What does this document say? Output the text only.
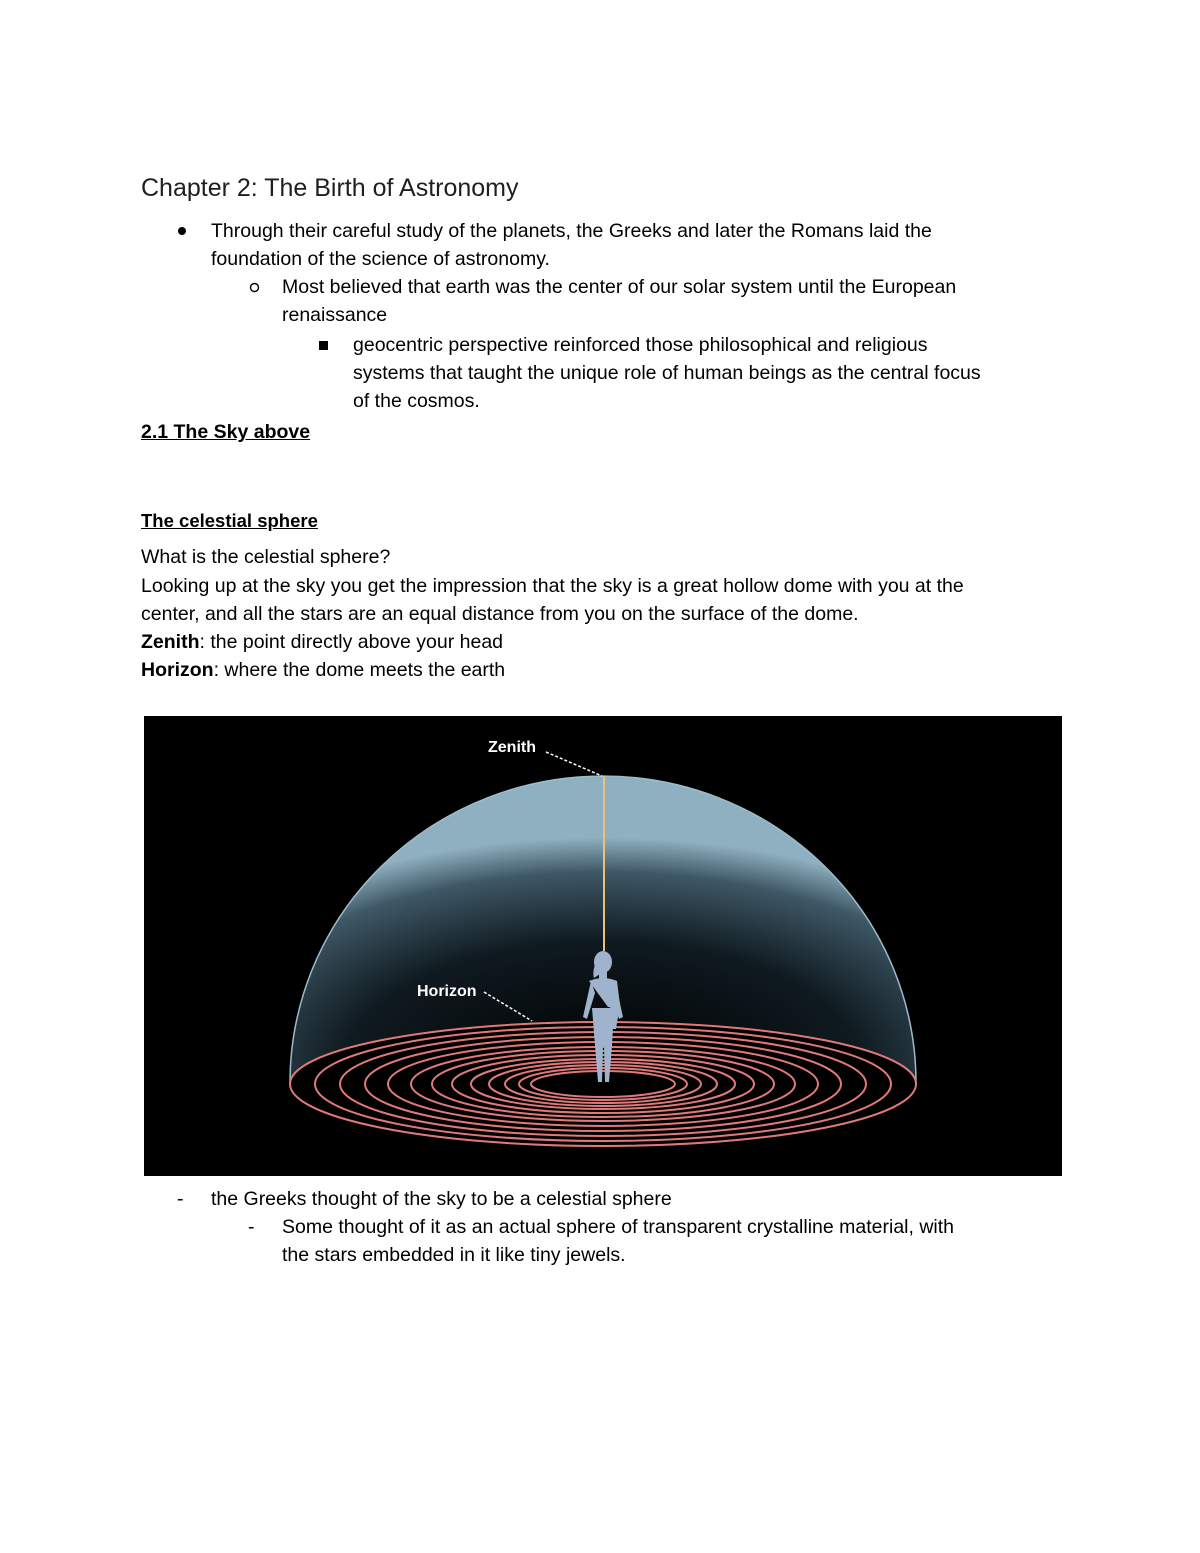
Chapter 2: The Birth of Astronomy
Through their careful study of the planets, the Greeks and later the Romans laid the
foundation of the science of astronomy.
Most believed that earth was the center of our solar system until the European
renaissance
geocentric perspective reinforced those philosophical and religious
systems that taught the unique role of human beings as the central focus
of the cosmos.
2.1 The Sky above
The celestial sphere
What is the celestial sphere?
Looking up at the sky you get the impression that the sky is a great hollow dome with you at the
center, and all the stars are an equal distance from you on the surface of the dome.
Zenith: the point directly above your head
Horizon: where the dome meets the earth
Zenith
Horizon
- the Greeks thought of the sky to be a celestial sphere
- Some thought of it as an actual sphere of transparent crystalline material, with
the stars embedded in it like tiny jewels.
